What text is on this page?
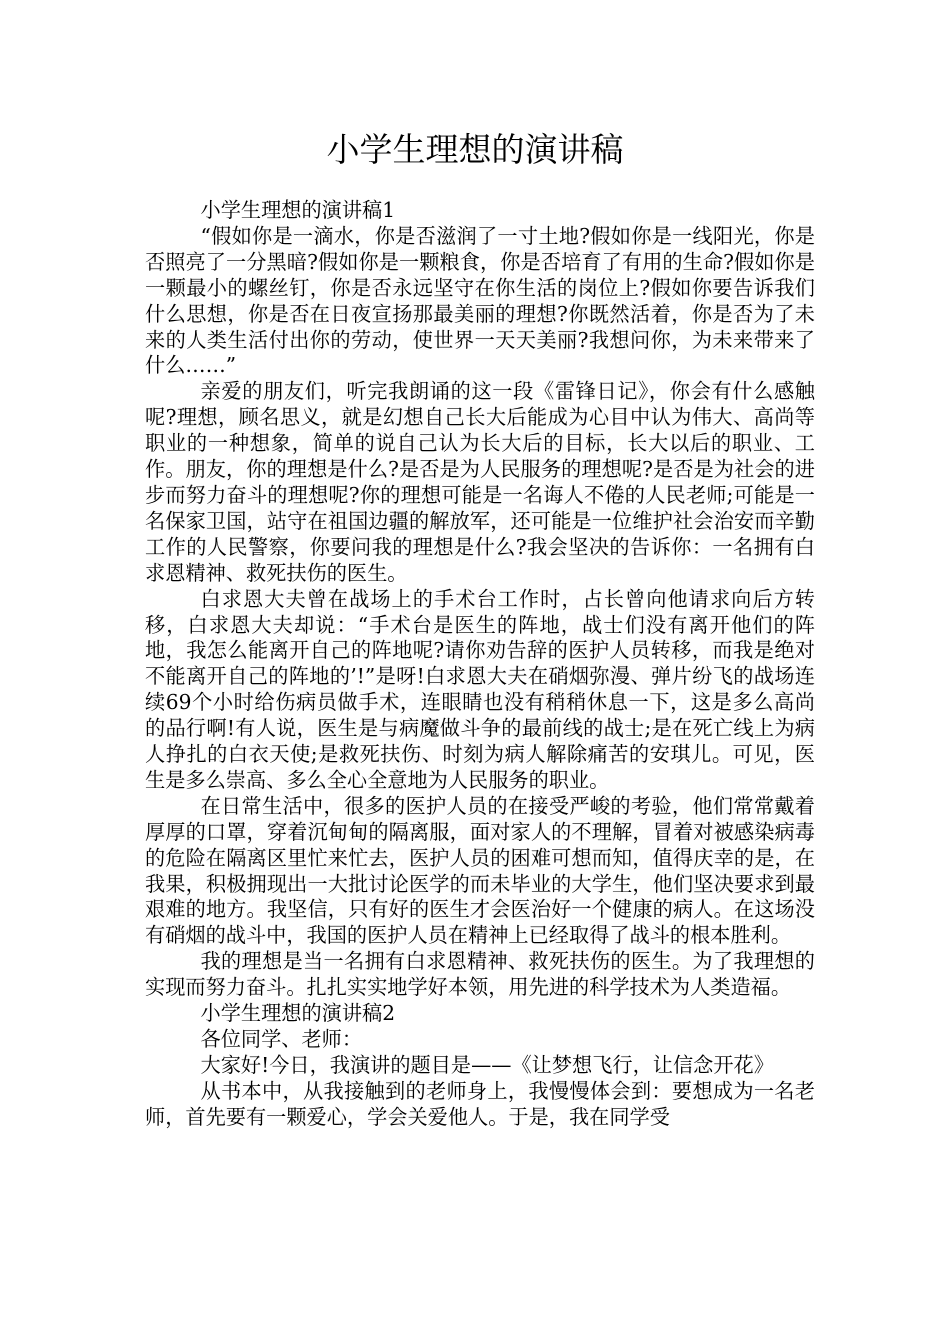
小学生理想的演讲稿

小学生理想的演讲稿1

“假如你是一滴水，你是否滋润了一寸土地?假如你是一线阳光，你是否照亮了一分黑暗?假如你是一颗粮食，你是否培育了有用的生命?假如你是一颗最小的螺丝钉，你是否永远坚守在你生活的岗位上?假如你要告诉我们什么思想，你是否在日夜宣扬那最美丽的理想?你既然活着，你是否为了未来的人类生活付出你的劳动，使世界一天天美丽?我想问你，为未来带来了什么……”

亲爱的朋友们，听完我朗诵的这一段《雷锋日记》，你会有什么感触呢?理想，顾名思义，就是幻想自己长大后能成为心目中认为伟大、高尚等职业的一种想象，简单的说自己认为长大后的目标，长大以后的职业、工作。朋友，你的理想是什么?是否是为人民服务的理想呢?是否是为社会的进步而努力奋斗的理想呢?你的理想可能是一名诲人不倦的人民老师;可能是一名保家卫国，站守在祖国边疆的解放军，还可能是一位维护社会治安而辛勤工作的人民警察，你要问我的理想是什么?我会坚决的告诉你：一名拥有白求恩精神、救死扶伤的医生。

白求恩大夫曾在战场上的手术台工作时，占长曾向他请求向后方转移，白求恩大夫却说：“手术台是医生的阵地，战士们没有离开他们的阵地，我怎么能离开自己的阵地呢?请你劝告辞的医护人员转移，而我是绝对不能离开自己的阵地的’!”是呀!白求恩大夫在硝烟弥漫、弹片纷飞的战场连续69个小时给伤病员做手术，连眼睛也没有稍稍休息一下，这是多么高尚的品行啊!有人说，医生是与病魔做斗争的最前线的战士;是在死亡线上为病人挣扎的白衣天使;是救死扶伤、时刻为病人解除痛苦的安琪儿。可见，医生是多么崇高、多么全心全意地为人民服务的职业。

在日常生活中，很多的医护人员的在接受严峻的考验，他们常常戴着厚厚的口罩，穿着沉甸甸的隔离服，面对家人的不理解，冒着对被感染病毒的危险在隔离区里忙来忙去，医护人员的困难可想而知，值得庆幸的是，在我果，积极拥现出一大批讨论医学的而未毕业的大学生，他们坚决要求到最艰难的地方。我坚信，只有好的医生才会医治好一个健康的病人。在这场没有硝烟的战斗中，我国的医护人员在精神上已经取得了战斗的根本胜利。

我的理想是当一名拥有白求恩精神、救死扶伤的医生。为了我理想的实现而努力奋斗。扎扎实实地学好本领，用先进的科学技术为人类造福。

小学生理想的演讲稿2

各位同学、老师：

大家好!今日，我演讲的题目是——《让梦想飞行，让信念开花》

从书本中，从我接触到的老师身上，我慢慢体会到：要想成为一名老师，首先要有一颗爱心，学会关爱他人。于是，我在同学受
